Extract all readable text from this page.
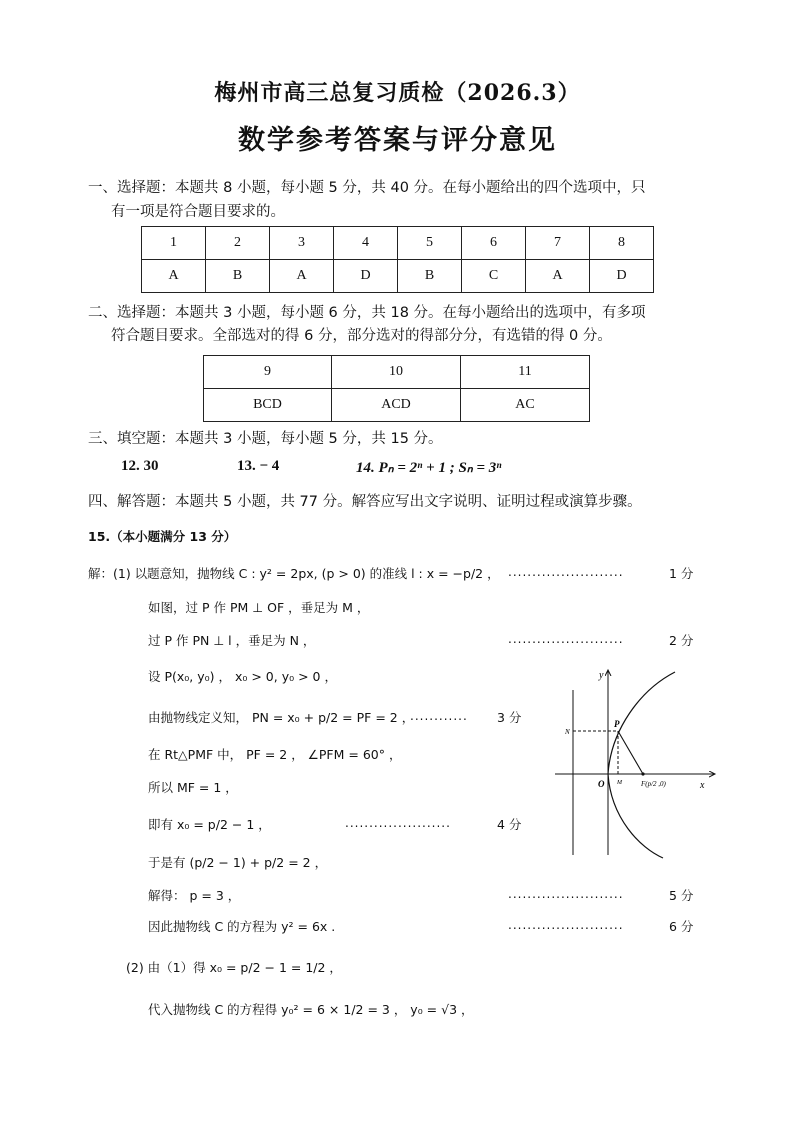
梅州市高三总复习质检（2026.3）
数学参考答案与评分意见
一、选择题：本题共 8 小题，每小题 5 分，共 40 分。在每小题给出的四个选项中，只
有一项是符合题目要求的。
1	2	3	4	5	6	7	8
A	B	A	D	B	C	A	D
二、选择题：本题共 3 小题，每小题 6 分，共 18 分。在每小题给出的选项中，有多项
符合题目要求。全部选对的得 6 分，部分选对的得部分分，有选错的得 0 分。
9	10	11
BCD	ACD	AC
三、填空题：本题共 3 小题，每小题 5 分，共 15 分。
12. 30	13. − 4	14. Pₙ = 2ⁿ + 1 ; Sₙ = 3ⁿ
四、解答题：本题共 5 小题，共 77 分。解答应写出文字说明、证明过程或演算步骤。
15.（本小题满分 13 分）
解：(1) 以题意知，抛物线 C : y² = 2px, (p > 0) 的准线 l : x = −p/2 ， ........................	1 分
如图，过 P 作 PM ⊥ OF ，垂足为 M ，
过 P 作 PN ⊥ l ，垂足为 N ，	........................	2 分
设 P(x₀, y₀) ， x₀ > 0, y₀ > 0 ，
由抛物线定义知， PN = x₀ + p/2 = PF = 2 ，
............ 3 分
在 Rt△PMF 中， PF = 2 ， ∠PFM = 60° ，
所以 MF = 1 ，
即有 x₀ = p/2 − 1 ，	......................	4 分
于是有 (p/2 − 1) + p/2 = 2 ，
解得： p = 3 ，	........................	5 分
因此抛物线 C 的方程为 y² = 6x .	........................	6 分
(2) 由（1）得 x₀ = p/2 − 1 = 1/2 ，
代入抛物线 C 的方程得 y₀² = 6 × 1/2 = 3 ， y₀ = √3 ，
x
y
O
P
N
M	F(p/2 ,0)
